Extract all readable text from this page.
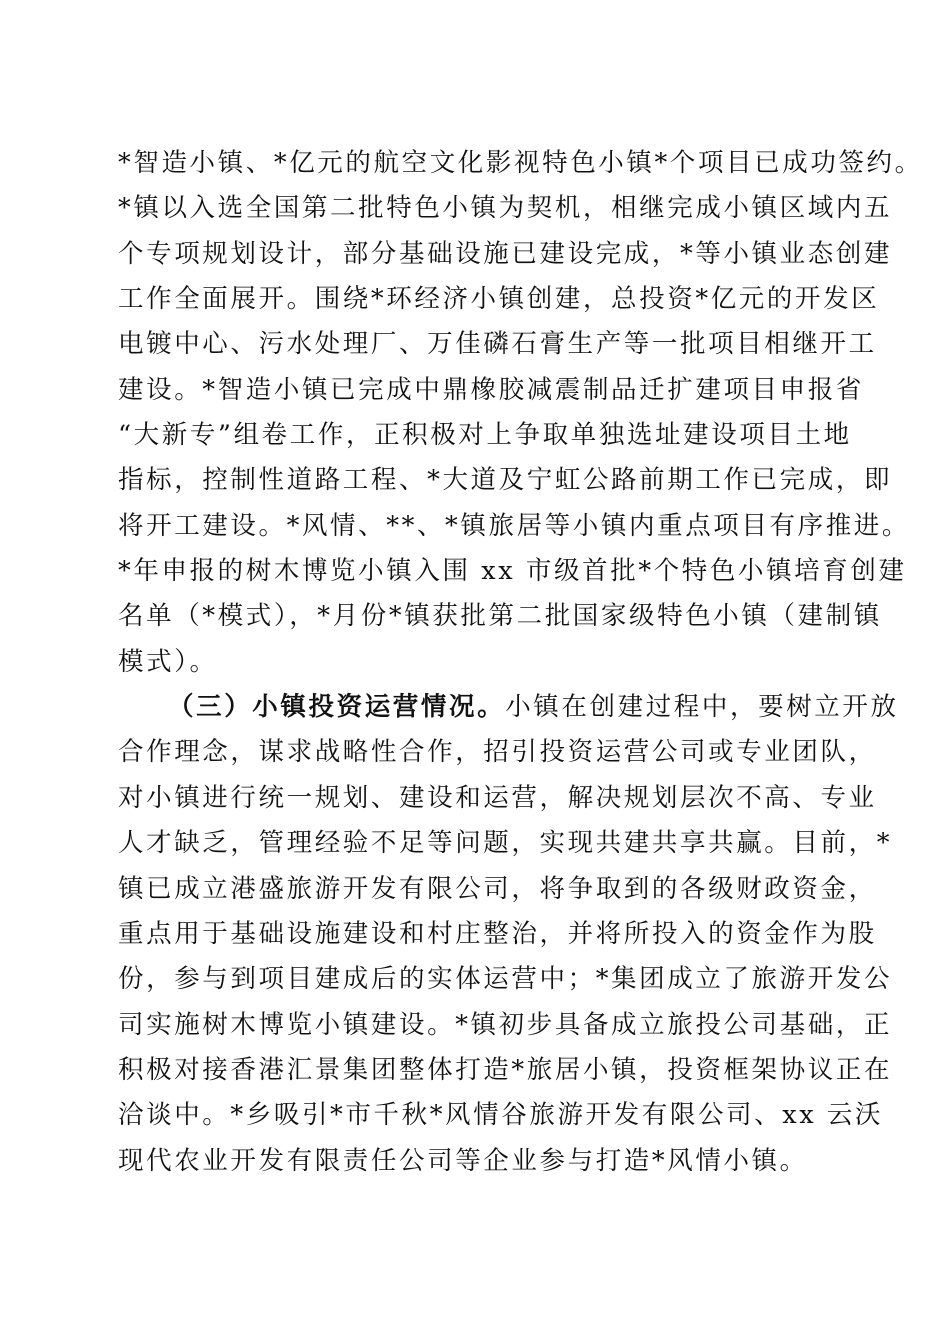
*智造小镇、*亿元的航空文化影视特色小镇*个项目已成功签约。
*镇以入选全国第二批特色小镇为契机，相继完成小镇区域内五
个专项规划设计，部分基础设施已建设完成，*等小镇业态创建
工作全面展开。围绕*环经济小镇创建，总投资*亿元的开发区
电镀中心、污水处理厂、万佳磷石膏生产等一批项目相继开工
建设。*智造小镇已完成中鼎橡胶减震制品迁扩建项目申报省
“大新专”组卷工作，正积极对上争取单独选址建设项目土地
指标，控制性道路工程、*大道及宁虹公路前期工作已完成，即
将开工建设。*风情、**、*镇旅居等小镇内重点项目有序推进。
*年申报的树木博览小镇入围 xx 市级首批*个特色小镇培育创建
名单（*模式），*月份*镇获批第二批国家级特色小镇（建制镇
模式）。
（三）小镇投资运营情况。小镇在创建过程中，要树立开放
合作理念，谋求战略性合作，招引投资运营公司或专业团队，
对小镇进行统一规划、建设和运营，解决规划层次不高、专业
人才缺乏，管理经验不足等问题，实现共建共享共赢。目前，*
镇已成立港盛旅游开发有限公司，将争取到的各级财政资金，
重点用于基础设施建设和村庄整治，并将所投入的资金作为股
份，参与到项目建成后的实体运营中；*集团成立了旅游开发公
司实施树木博览小镇建设。*镇初步具备成立旅投公司基础，正
积极对接香港汇景集团整体打造*旅居小镇，投资框架协议正在
洽谈中。*乡吸引*市千秋*风情谷旅游开发有限公司、xx 云沃
现代农业开发有限责任公司等企业参与打造*风情小镇。
